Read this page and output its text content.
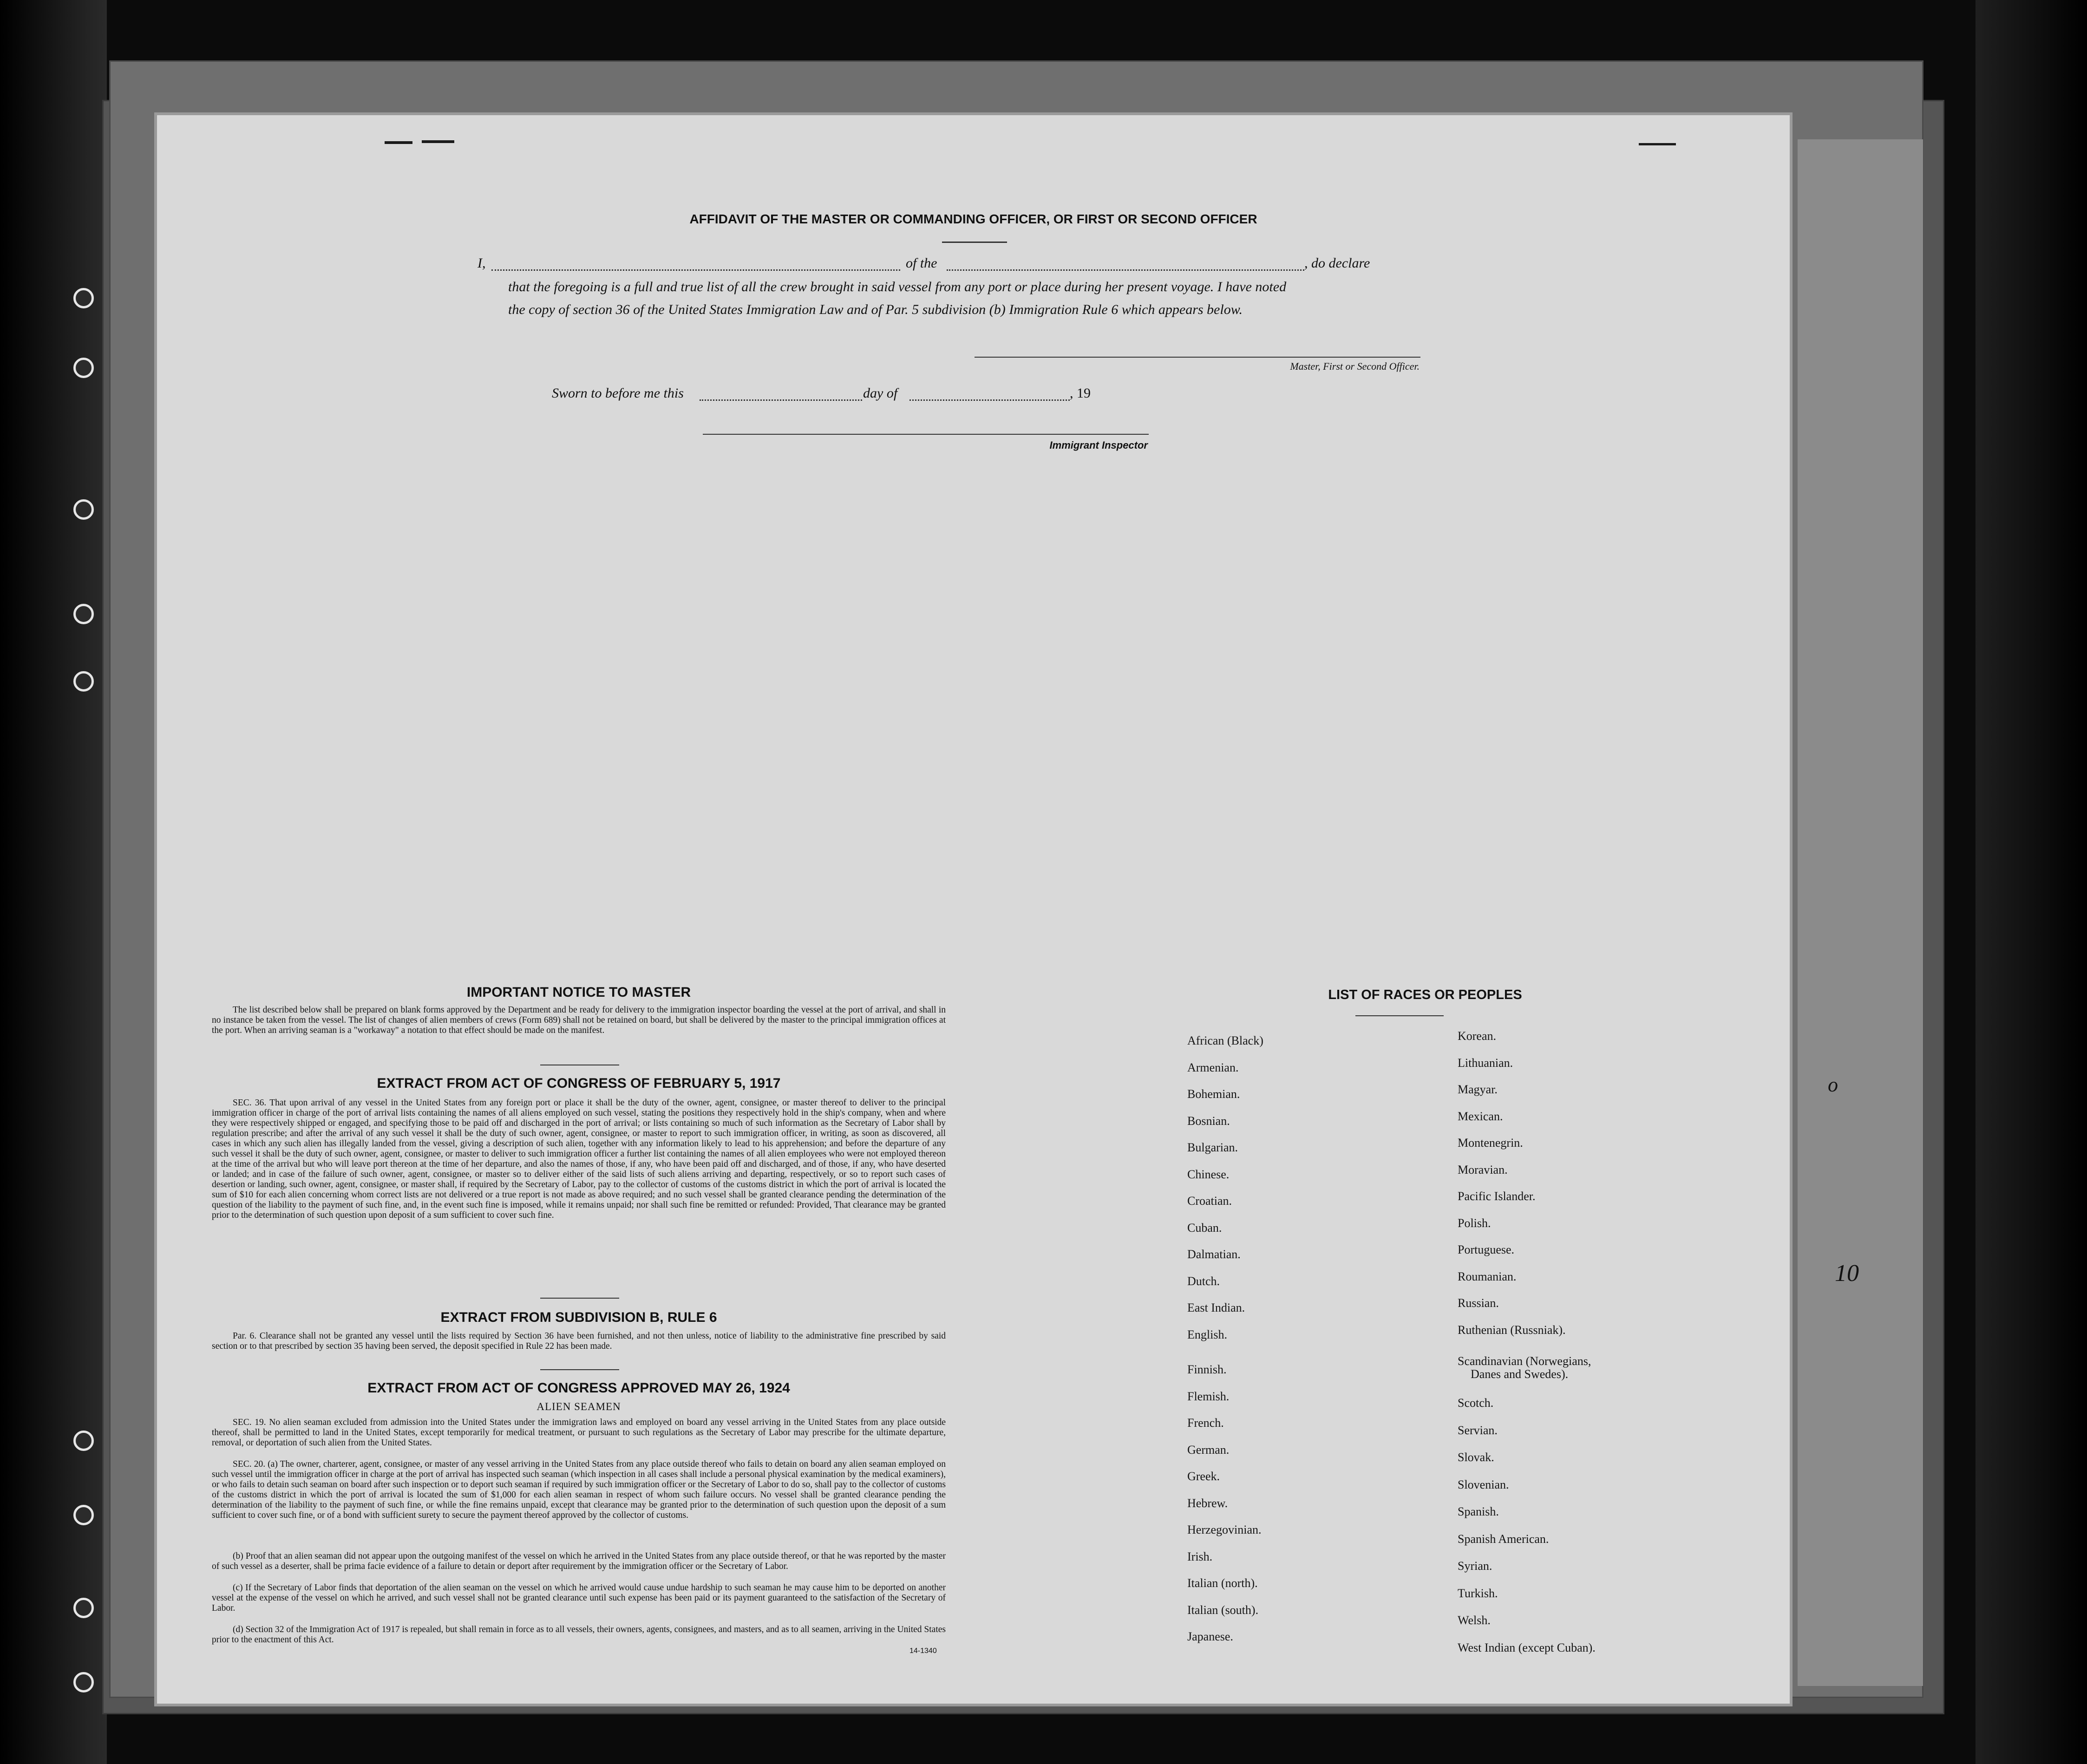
AFFIDAVIT OF THE MASTER OR COMMANDING OFFICER, OR FIRST OR SECOND OFFICER
I,	of the	, do declare
that the foregoing is a full and true list of all the crew brought in said vessel from any port or place during her present voyage. I have noted
the copy of section 36 of the United States Immigration Law and of Par. 5 subdivision (b) Immigration Rule 6 which appears below.
Master, First or Second Officer.
Sworn to before me this	day of	, 19
Immigrant Inspector
IMPORTANT NOTICE TO MASTER
The list described below shall be prepared on blank forms approved by the Department and be ready for delivery to the immigration inspector boarding the vessel at the port of arrival, and shall in no instance be taken from the vessel. The list of changes of alien members of crews (Form 689) shall not be retained on board, but shall be delivered by the master to the principal immigration offices at the port. When an arriving seaman is a "workaway" a notation to that effect should be made on the manifest.
EXTRACT FROM ACT OF CONGRESS OF FEBRUARY 5, 1917
SEC. 36. That upon arrival of any vessel in the United States from any foreign port or place it shall be the duty of the owner, agent, consignee, or master thereof to deliver to the principal immigration officer in charge of the port of arrival lists containing the names of all aliens employed on such vessel, stating the positions they respectively hold in the ship's company, when and where they were respectively shipped or engaged, and specifying those to be paid off and discharged in the port of arrival; or lists containing so much of such information as the Secretary of Labor shall by regulation prescribe; and after the arrival of any such vessel it shall be the duty of such owner, agent, consignee, or master to report to such immigration officer, in writing, as soon as discovered, all cases in which any such alien has illegally landed from the vessel, giving a description of such alien, together with any information likely to lead to his apprehension; and before the departure of any such vessel it shall be the duty of such owner, agent, consignee, or master to deliver to such immigration officer a further list containing the names of all alien employees who were not employed thereon at the time of the arrival but who will leave port thereon at the time of her departure, and also the names of those, if any, who have been paid off and discharged, and of those, if any, who have deserted or landed; and in case of the failure of such owner, agent, consignee, or master so to deliver either of the said lists of such aliens arriving and departing, respectively, or so to report such cases of desertion or landing, such owner, agent, consignee, or master shall, if required by the Secretary of Labor, pay to the collector of customs of the customs district in which the port of arrival is located the sum of $10 for each alien concerning whom correct lists are not delivered or a true report is not made as above required; and no such vessel shall be granted clearance pending the determination of the question of the liability to the payment of such fine, and, in the event such fine is imposed, while it remains unpaid; nor shall such fine be remitted or refunded: Provided, That clearance may be granted prior to the determination of such question upon deposit of a sum sufficient to cover such fine.
EXTRACT FROM SUBDIVISION B, RULE 6
Par. 6. Clearance shall not be granted any vessel until the lists required by Section 36 have been furnished, and not then unless, notice of liability to the administrative fine prescribed by said section or to that prescribed by section 35 having been served, the deposit specified in Rule 22 has been made.
EXTRACT FROM ACT OF CONGRESS APPROVED MAY 26, 1924
ALIEN SEAMEN
SEC. 19. No alien seaman excluded from admission into the United States under the immigration laws and employed on board any vessel arriving in the United States from any place outside thereof, shall be permitted to land in the United States, except temporarily for medical treatment, or pursuant to such regulations as the Secretary of Labor may prescribe for the ultimate departure, removal, or deportation of such alien from the United States.
SEC. 20. (a) The owner, charterer, agent, consignee, or master of any vessel arriving in the United States from any place outside thereof who fails to detain on board any alien seaman employed on such vessel until the immigration officer in charge at the port of arrival has inspected such seaman (which inspection in all cases shall include a personal physical examination by the medical examiners), or who fails to detain such seaman on board after such inspection or to deport such seaman if required by such immigration officer or the Secretary of Labor to do so, shall pay to the collector of customs of the customs district in which the port of arrival is located the sum of $1,000 for each alien seaman in respect of whom such failure occurs. No vessel shall be granted clearance pending the determination of the liability to the payment of such fine, or while the fine remains unpaid, except that clearance may be granted prior to the determination of such question upon the deposit of a sum sufficient to cover such fine, or of a bond with sufficient surety to secure the payment thereof approved by the collector of customs.
(b) Proof that an alien seaman did not appear upon the outgoing manifest of the vessel on which he arrived in the United States from any place outside thereof, or that he was reported by the master of such vessel as a deserter, shall be prima facie evidence of a failure to detain or deport after requirement by the immigration officer or the Secretary of Labor.
(c) If the Secretary of Labor finds that deportation of the alien seaman on the vessel on which he arrived would cause undue hardship to such seaman he may cause him to be deported on another vessel at the expense of the vessel on which he arrived, and such vessel shall not be granted clearance until such expense has been paid or its payment guaranteed to the satisfaction of the Secretary of Labor.
(d) Section 32 of the Immigration Act of 1917 is repealed, but shall remain in force as to all vessels, their owners, agents, consignees, and masters, and as to all seamen, arriving in the United States prior to the enactment of this Act.
14-1340
LIST OF RACES OR PEOPLES
African (Black)
Armenian.
Bohemian.
Bosnian.
Bulgarian.
Chinese.
Croatian.
Cuban.
Dalmatian.
Dutch.
East Indian.
English.
Finnish.
Flemish.
French.
German.
Greek.
Hebrew.
Herzegovinian.
Irish.
Italian (north).
Italian (south).
Japanese.
Korean.
Lithuanian.
Magyar.
Mexican.
Montenegrin.
Moravian.
Pacific Islander.
Polish.
Portuguese.
Roumanian.
Russian.
Ruthenian (Russniak).
Scandinavian (Norwegians,
Danes and Swedes).
Scotch.
Servian.
Slovak.
Slovenian.
Spanish.
Spanish American.
Syrian.
Turkish.
Welsh.
West Indian (except Cuban).
o
10
